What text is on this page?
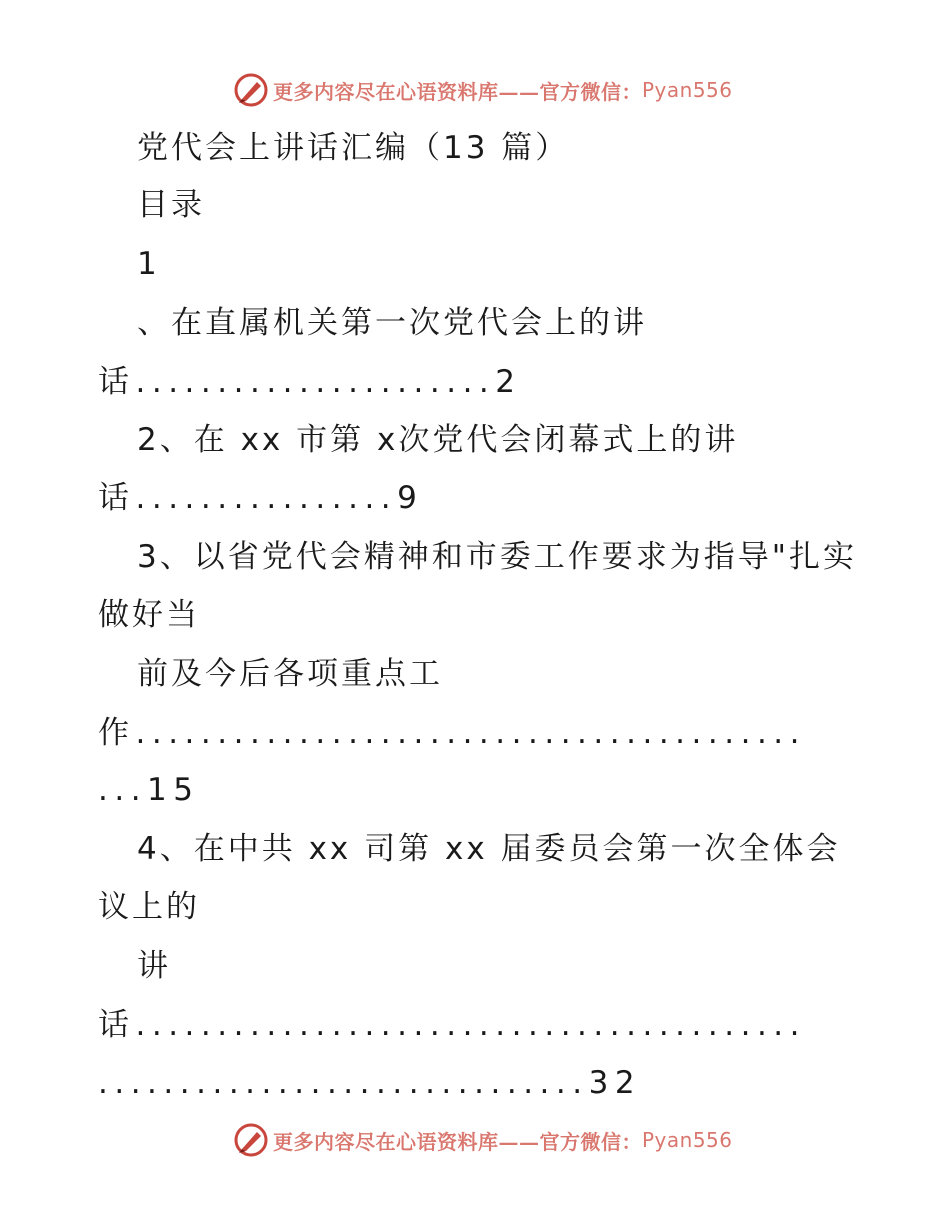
更多内容尽在心语资料库——官方微信： Pyan556
党代会上讲话汇编（13 篇）
目录
1
、在直属机关第一次党代会上的讲
话......................2
2、在 xx 市第 x次党代会闭幕式上的讲
话................9
3、以省党代会精神和市委工作要求为指导"扎实
做好当
前及今后各项重点工
作.........................................
...15
4、在中共 xx 司第 xx 届委员会第一次全体会
议上的
讲
话.........................................
..............................32
更多内容尽在心语资料库——官方微信： Pyan556
